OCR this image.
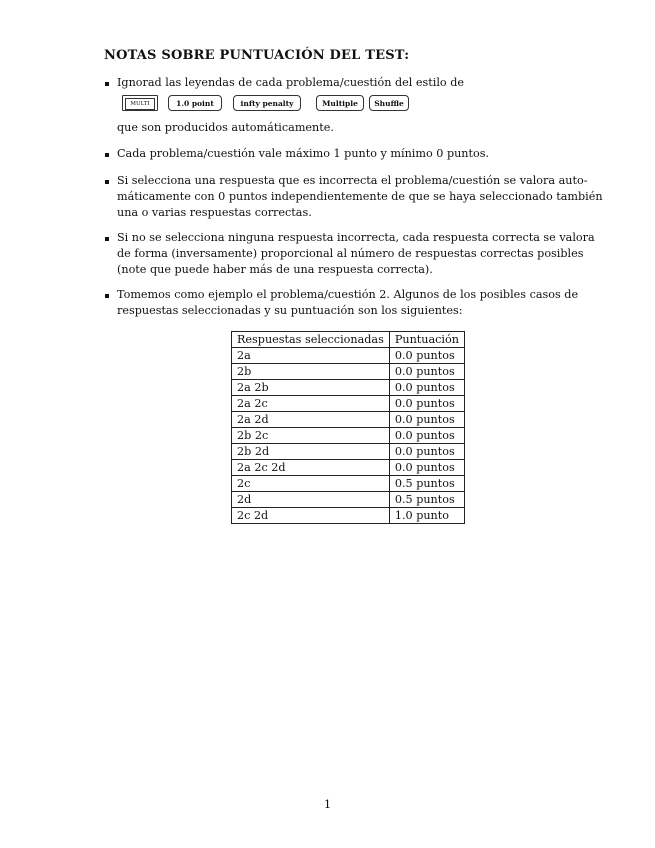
NOTAS SOBRE PUNTUACIÓN DEL TEST:
Ignorad las leyendas de cada problema/cuestión del estilo de
MULTI	1.0 point	infty penalty	Multiple	Shuffle
que son producidos automáticamente.
Cada problema/cuestión vale máximo 1 punto y mínimo 0 puntos.
Si selecciona una respuesta que es incorrecta el problema/cuestión se valora auto-
máticamente con 0 puntos independientemente de que se haya seleccionado también
una o varias respuestas correctas.
Si no se selecciona ninguna respuesta incorrecta, cada respuesta correcta se valora
de forma (inversamente) proporcional al número de respuestas correctas posibles
(note que puede haber más de una respuesta correcta).
Tomemos como ejemplo el problema/cuestión 2. Algunos de los posibles casos de
respuestas seleccionadas y su puntuación son los siguientes:
Respuestas seleccionadas	Puntuación
2a	0.0 puntos
2b	0.0 puntos
2a 2b	0.0 puntos
2a 2c	0.0 puntos
2a 2d	0.0 puntos
2b 2c	0.0 puntos
2b 2d	0.0 puntos
2a 2c 2d	0.0 puntos
2c	0.5 puntos
2d	0.5 puntos
2c 2d	1.0 punto
1
